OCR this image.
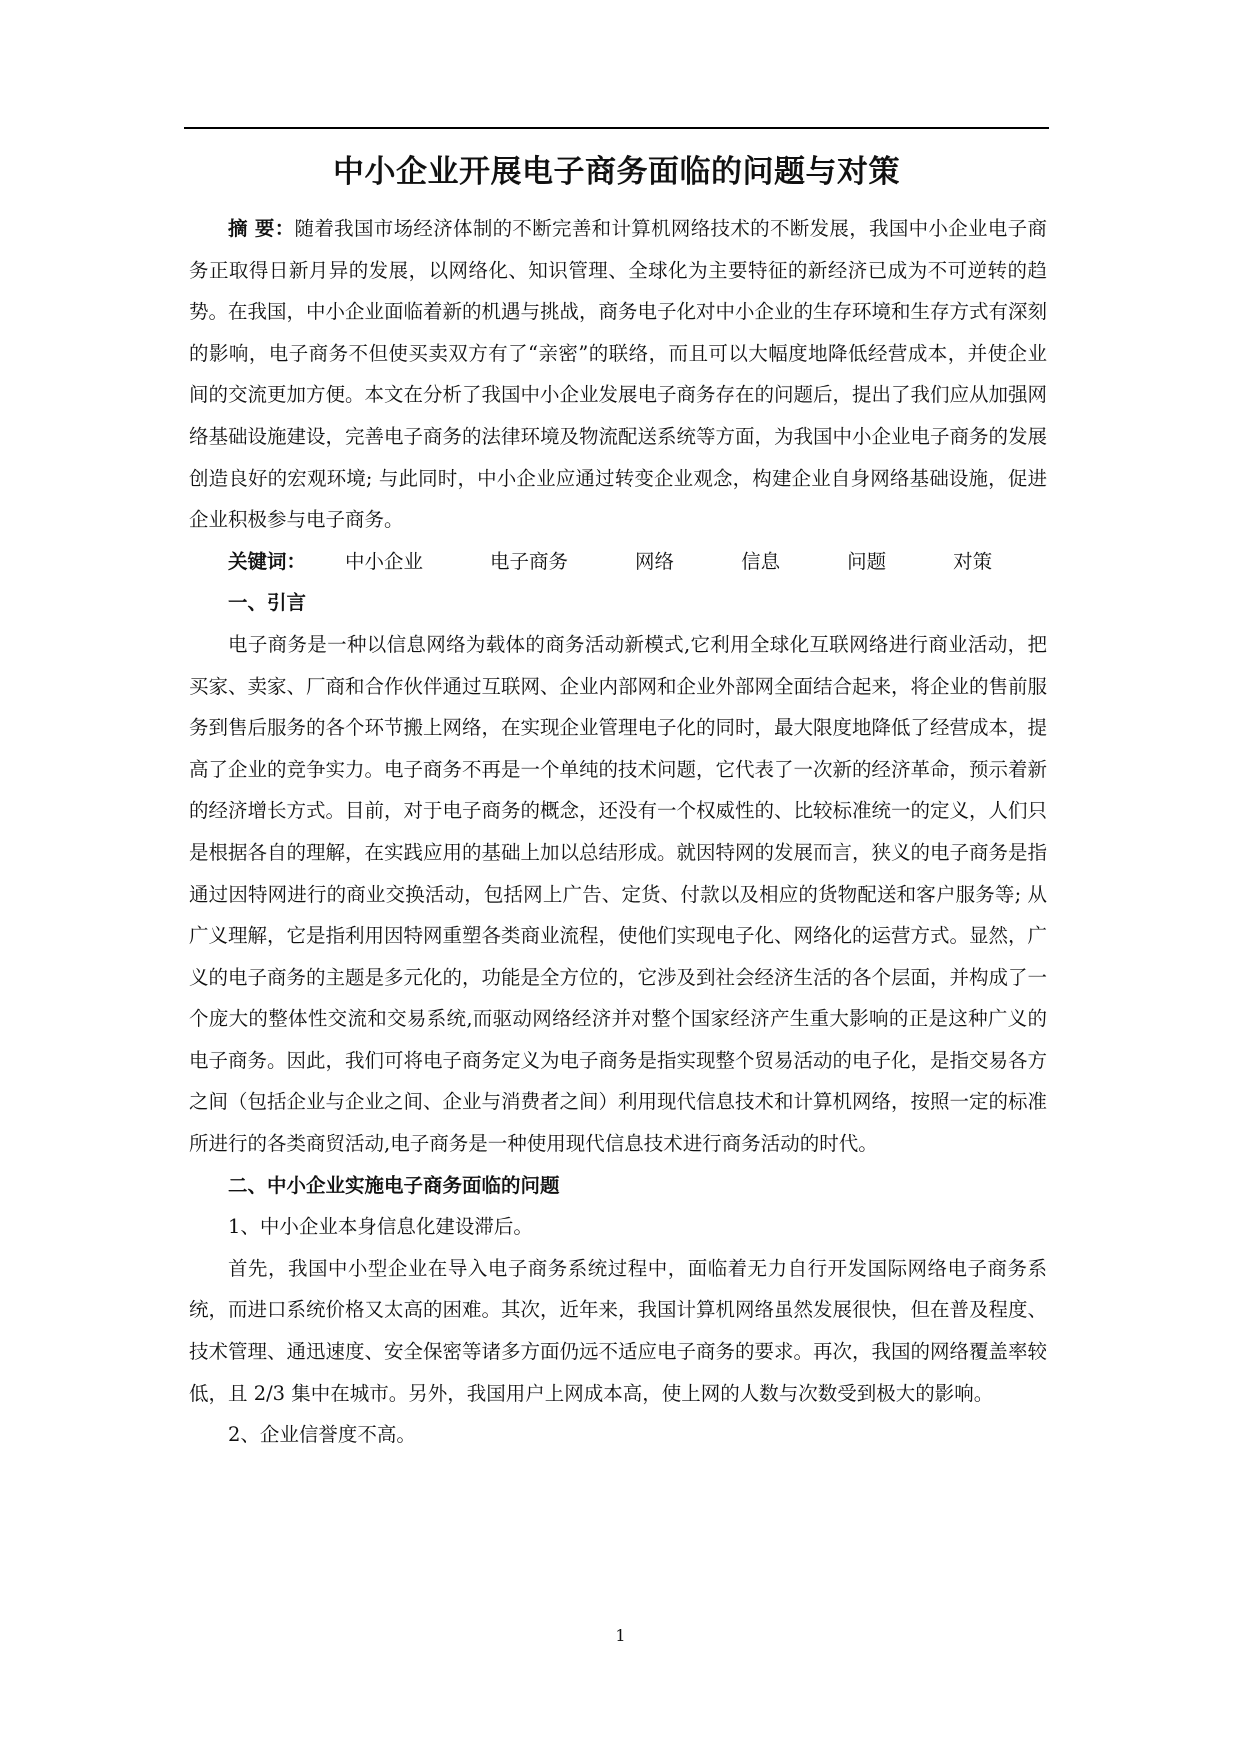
中小企业开展电子商务面临的问题与对策

摘 要：随着我国市场经济体制的不断完善和计算机网络技术的不断发展，我国中小企业电子商务正取得日新月异的发展，以网络化、知识管理、全球化为主要特征的新经济已成为不可逆转的趋势。在我国，中小企业面临着新的机遇与挑战，商务电子化对中小企业的生存环境和生存方式有深刻的影响，电子商务不但使买卖双方有了“亲密”的联络，而且可以大幅度地降低经营成本，并使企业间的交流更加方便。本文在分析了我国中小企业发展电子商务存在的问题后，提出了我们应从加强网络基础设施建设，完善电子商务的法律环境及物流配送系统等方面，为我国中小企业电子商务的发展创造良好的宏观环境; 与此同时，中小企业应通过转变企业观念，构建企业自身网络基础设施，促进企业积极参与电子商务。

关键词： 中小企业	电子商务	网络	信息	问题	对策

一、引言

电子商务是一种以信息网络为载体的商务活动新模式,它利用全球化互联网络进行商业活动，把买家、卖家、厂商和合作伙伴通过互联网、企业内部网和企业外部网全面结合起来，将企业的售前服务到售后服务的各个环节搬上网络，在实现企业管理电子化的同时，最大限度地降低了经营成本，提高了企业的竞争实力。电子商务不再是一个单纯的技术问题，它代表了一次新的经济革命，预示着新的经济增长方式。目前，对于电子商务的概念，还没有一个权威性的、比较标准统一的定义，人们只是根据各自的理解，在实践应用的基础上加以总结形成。就因特网的发展而言，狭义的电子商务是指通过因特网进行的商业交换活动，包括网上广告、定货、付款以及相应的货物配送和客户服务等; 从广义理解，它是指利用因特网重塑各类商业流程，使他们实现电子化、网络化的运营方式。显然，广义的电子商务的主题是多元化的，功能是全方位的，它涉及到社会经济生活的各个层面，并构成了一个庞大的整体性交流和交易系统,而驱动网络经济并对整个国家经济产生重大影响的正是这种广义的电子商务。因此，我们可将电子商务定义为电子商务是指实现整个贸易活动的电子化，是指交易各方之间（包括企业与企业之间、企业与消费者之间）利用现代信息技术和计算机网络，按照一定的标准所进行的各类商贸活动,电子商务是一种使用现代信息技术进行商务活动的时代。

二、中小企业实施电子商务面临的问题

1、中小企业本身信息化建设滞后。

首先，我国中小型企业在导入电子商务系统过程中，面临着无力自行开发国际网络电子商务系统，而进口系统价格又太高的困难。其次，近年来，我国计算机网络虽然发展很快，但在普及程度、技术管理、通迅速度、安全保密等诸多方面仍远不适应电子商务的要求。再次，我国的网络覆盖率较低，且 2/3 集中在城市。另外，我国用户上网成本高，使上网的人数与次数受到极大的影响。

2、企业信誉度不高。

1
